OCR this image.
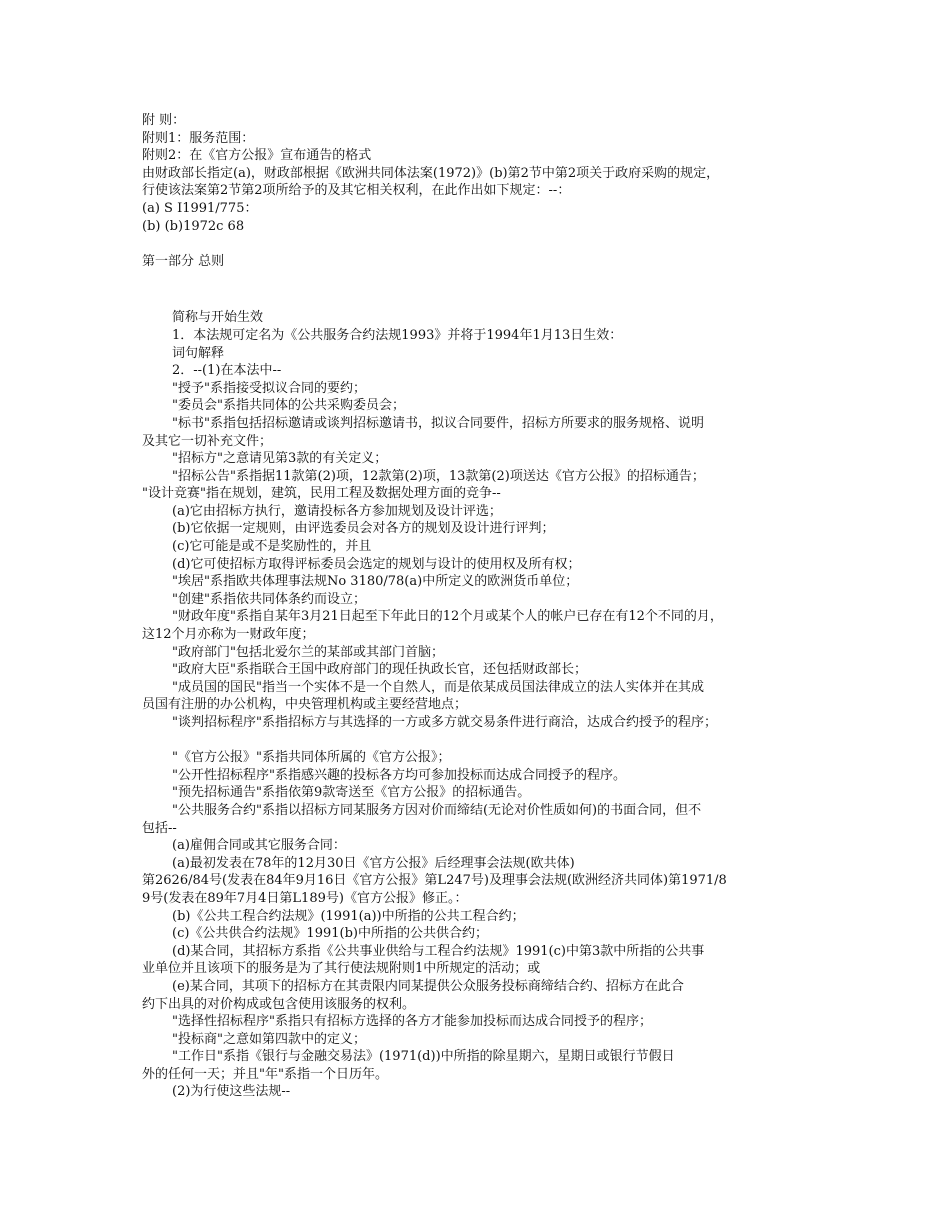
附 则：
附则1：服务范围：
附则2：在《官方公报》宣布通告的格式
由财政部长指定(a)，财政部根据《欧洲共同体法案(1972)》(b)第2节中第2项关于政府采购的规定，
行使该法案第2节第2项所给予的及其它相关权利，在此作出如下规定：--：
(a) S I1991/775：
(b) (b)1972c 68
第一部分 总则
简称与开始生效
1．本法规可定名为《公共服务合约法规1993》并将于1994年1月13日生效：
词句解释
2．--(1)在本法中--
"授予"系指接受拟议合同的要约；
"委员会"系指共同体的公共采购委员会；
"标书"系指包括招标邀请或谈判招标邀请书，拟议合同要件，招标方所要求的服务规格、说明
及其它一切补充文件；
"招标方"之意请见第3款的有关定义；
"招标公告"系指据11款第(2)项，12款第(2)项，13款第(2)项送达《官方公报》的招标通告；
"设计竞赛"指在规划，建筑，民用工程及数据处理方面的竞争--
(a)它由招标方执行，邀请投标各方参加规划及设计评选；
(b)它依据一定规则，由评选委员会对各方的规划及设计进行评判；
(c)它可能是或不是奖励性的，并且
(d)它可使招标方取得评标委员会选定的规划与设计的使用权及所有权；
"埃居"系指欧共体理事法规No 3180/78(a)中所定义的欧洲货币单位；
"创建"系指依共同体条约而设立；
"财政年度"系指自某年3月21日起至下年此日的12个月或某个人的帐户已存在有12个不同的月，
这12个月亦称为一财政年度；
"政府部门"包括北爱尔兰的某部或其部门首脑；
"政府大臣"系指联合王国中政府部门的现任执政长官，还包括财政部长；
"成员国的国民"指当一个实体不是一个自然人，而是依某成员国法律成立的法人实体并在其成
员国有注册的办公机构，中央管理机构或主要经营地点；
"谈判招标程序"系指招标方与其选择的一方或多方就交易条件进行商洽，达成合约授予的程序；

"《官方公报》"系指共同体所属的《官方公报》；
"公开性招标程序"系指感兴趣的投标各方均可参加投标而达成合同授予的程序。
"预先招标通告"系指依第9款寄送至《官方公报》的招标通告。
"公共服务合约"系指以招标方同某服务方因对价而缔结(无论对价性质如何)的书面合同，但不
包括--
(a)雇佣合同或其它服务合同：
(a)最初发表在78年的12月30日《官方公报》后经理事会法规(欧共体)
第2626/84号(发表在84年9月16日《官方公报》第L247号)及理事会法规(欧洲经济共同体)第1971/8
9号(发表在89年7月4日第L189号)《官方公报》修正。：
(b)《公共工程合约法规》(1991(a))中所指的公共工程合约；
(c)《公共供合约法规》1991(b)中所指的公共供合约；
(d)某合同，其招标方系指《公共事业供给与工程合约法规》1991(c)中第3款中所指的公共事
业单位并且该项下的服务是为了其行使法规附则1中所规定的活动；或
(e)某合同，其项下的招标方在其责限内同某提供公众服务投标商缔结合约、招标方在此合
约下出具的对价构成或包含使用该服务的权利。
"选择性招标程序"系指只有招标方选择的各方才能参加投标而达成合同授予的程序；
"投标商"之意如第四款中的定义；
"工作日"系指《银行与金融交易法》(1971(d))中所指的除星期六，星期日或银行节假日
外的任何一天；并且"年"系指一个日历年。
(2)为行使这些法规--
